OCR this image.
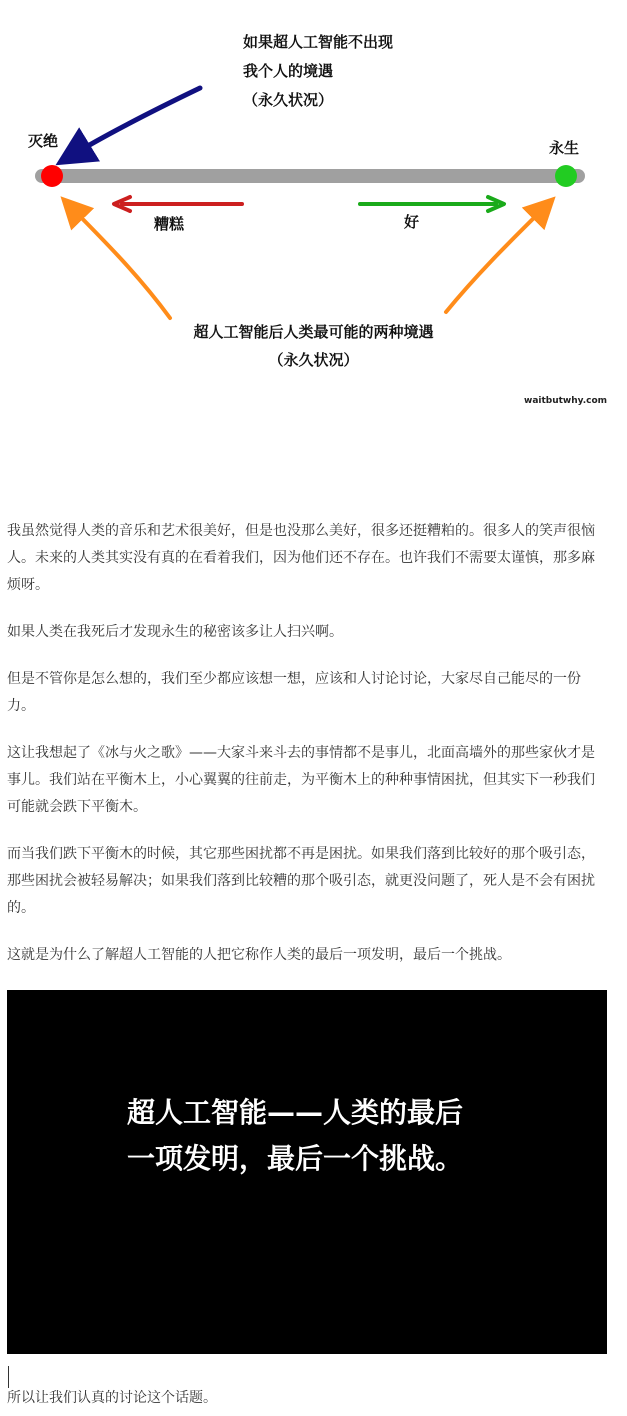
如果超人工智能不出现
我个人的境遇
（永久状况）
灭绝	永生
糟糕	好
超人工智能后人类最可能的两种境遇
（永久状况）
waitbutwhy.com

我虽然觉得人类的音乐和艺术很美好，但是也没那么美好，很多还挺糟粕的。很多人的笑声很恼人。未来的人类其实没有真的在看着我们，因为他们还不存在。也许我们不需要太谨慎，那多麻烦呀。

如果人类在我死后才发现永生的秘密该多让人扫兴啊。

但是不管你是怎么想的，我们至少都应该想一想，应该和人讨论讨论，大家尽自己能尽的一份力。

这让我想起了《冰与火之歌》——大家斗来斗去的事情都不是事儿，北面高墙外的那些家伙才是事儿。我们站在平衡木上，小心翼翼的往前走，为平衡木上的种种事情困扰，但其实下一秒我们可能就会跌下平衡木。

而当我们跌下平衡木的时候，其它那些困扰都不再是困扰。如果我们落到比较好的那个吸引态，那些困扰会被轻易解决；如果我们落到比较糟的那个吸引态，就更没问题了，死人是不会有困扰的。

这就是为什么了解超人工智能的人把它称作人类的最后一项发明，最后一个挑战。

超人工智能——人类的最后
一项发明，最后一个挑战。
所以让我们认真的讨论这个话题。
